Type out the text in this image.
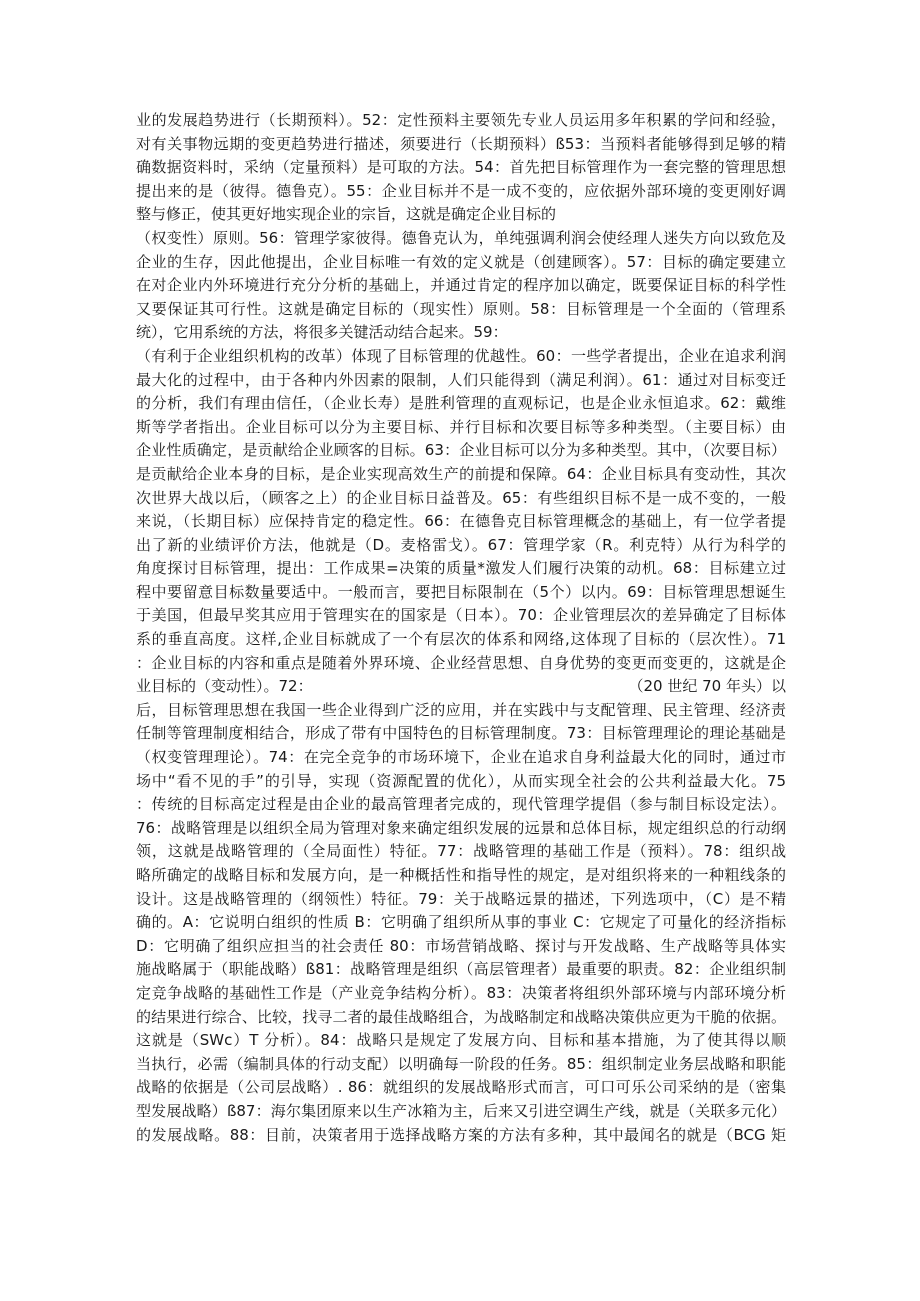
业的发展趋势进行（长期预料）。52：定性预料主要领先专业人员运用多年积累的学问和经验，
对有关事物远期的变更趋势进行描述，须要进行（长期预料）ß53：当预料者能够得到足够的精
确数据资料时，采纳（定量预料）是可取的方法。54：首先把目标管理作为一套完整的管理思想
提出来的是（彼得。德鲁克）。55：企业目标并不是一成不变的，应依据外部环境的变更刚好调
整与修正，使其更好地实现企业的宗旨，这就是确定企业目标的
（权变性）原则。56：管理学家彼得。德鲁克认为，单纯强调利润会使经理人迷失方向以致危及
企业的生存，因此他提出，企业目标唯一有效的定义就是（创建顾客）。57：目标的确定要建立
在对企业内外环境进行充分分析的基础上，并通过肯定的程序加以确定，既要保证目标的科学性
又要保证其可行性。这就是确定目标的（现实性）原则。58：目标管理是一个全面的（管理系
统），它用系统的方法，将很多关键活动结合起来。59：
（有利于企业组织机构的改革）体现了目标管理的优越性。60：一些学者提出，企业在追求利润
最大化的过程中，由于各种内外因素的限制，人们只能得到（满足利润）。61：通过对目标变迁
的分析，我们有理由信任，（企业长寿）是胜利管理的直观标记，也是企业永恒追求。62：戴维
斯等学者指出。企业目标可以分为主要目标、并行目标和次要目标等多种类型。（主要目标）由
企业性质确定，是贡献给企业顾客的目标。63：企业目标可以分为多种类型。其中，（次要目标）
是贡献给企业本身的目标，是企业实现高效生产的前提和保障。64：企业目标具有变动性，其次
次世界大战以后，（顾客之上）的企业目标日益普及。65：有些组织目标不是一成不变的，一般
来说，（长期目标）应保持肯定的稳定性。66：在德鲁克目标管理概念的基础上，有一位学者提
出了新的业绩评价方法，他就是（D。麦格雷戈）。67：管理学家（R。利克特）从行为科学的
角度探讨目标管理，提出：工作成果=决策的质量*激发人们履行决策的动机。68：目标建立过
程中要留意目标数量要适中。一般而言，要把目标限制在（5个）以内。69：目标管理思想诞生
于美国，但最早奖其应用于管理实在的国家是（日本）。70：企业管理层次的差异确定了目标体
系的垂直高度。这样,企业目标就成了一个有层次的体系和网络,这体现了目标的（层次性）。71
：企业目标的内容和重点是随着外界环境、企业经营思想、自身优势的变更而变更的，这就是企
业目标的（变动性）。72：	（20 世纪 70 年头）以
后，目标管理思想在我国一些企业得到广泛的应用，并在实践中与支配管理、民主管理、经济责
任制等管理制度相结合，形成了带有中国特色的目标管理制度。73：目标管理理论的理论基础是
（权变管理理论）。74：在完全竞争的市场环境下，企业在追求自身利益最大化的同时，通过市
场中“看不见的手”的引导，实现（资源配置的优化），从而实现全社会的公共利益最大化。75
：传统的目标高定过程是由企业的最高管理者完成的，现代管理学提倡（参与制目标设定法）。
76：战略管理是以组织全局为管理对象来确定组织发展的远景和总体目标，规定组织总的行动纲
领，这就是战略管理的（全局面性）特征。77：战略管理的基础工作是（预料）。78：组织战
略所确定的战略目标和发展方向，是一种概括性和指导性的规定，是对组织将来的一种粗线条的
设计。这是战略管理的（纲领性）特征。79：关于战略远景的描述，下列选项中，（C）是不精
确的。A：它说明白组织的性质 B：它明确了组织所从事的事业 C：它规定了可量化的经济指标
D：它明确了组织应担当的社会责任 80：市场营销战略、探讨与开发战略、生产战略等具体实
施战略属于（职能战略）ß81：战略管理是组织（高层管理者）最重要的职责。82：企业组织制
定竞争战略的基础性工作是（产业竞争结构分析）。83：决策者将组织外部环境与内部环境分析
的结果进行综合、比较，找寻二者的最佳战略组合，为战略制定和战略决策供应更为干脆的依据。
这就是（SWc）T 分析）。84：战略只是规定了发展方向、目标和基本措施，为了使其得以顺
当执行，必需（编制具体的行动支配）以明确每一阶段的任务。85：组织制定业务层战略和职能
战略的依据是（公司层战略）. 86：就组织的发展战略形式而言，可口可乐公司采纳的是（密集
型发展战略）ß87：海尔集团原来以生产冰箱为主，后来又引进空调生产线，就是（关联多元化）
的发展战略。88：目前，决策者用于选择战略方案的方法有多种，其中最闻名的就是（BCG 矩
